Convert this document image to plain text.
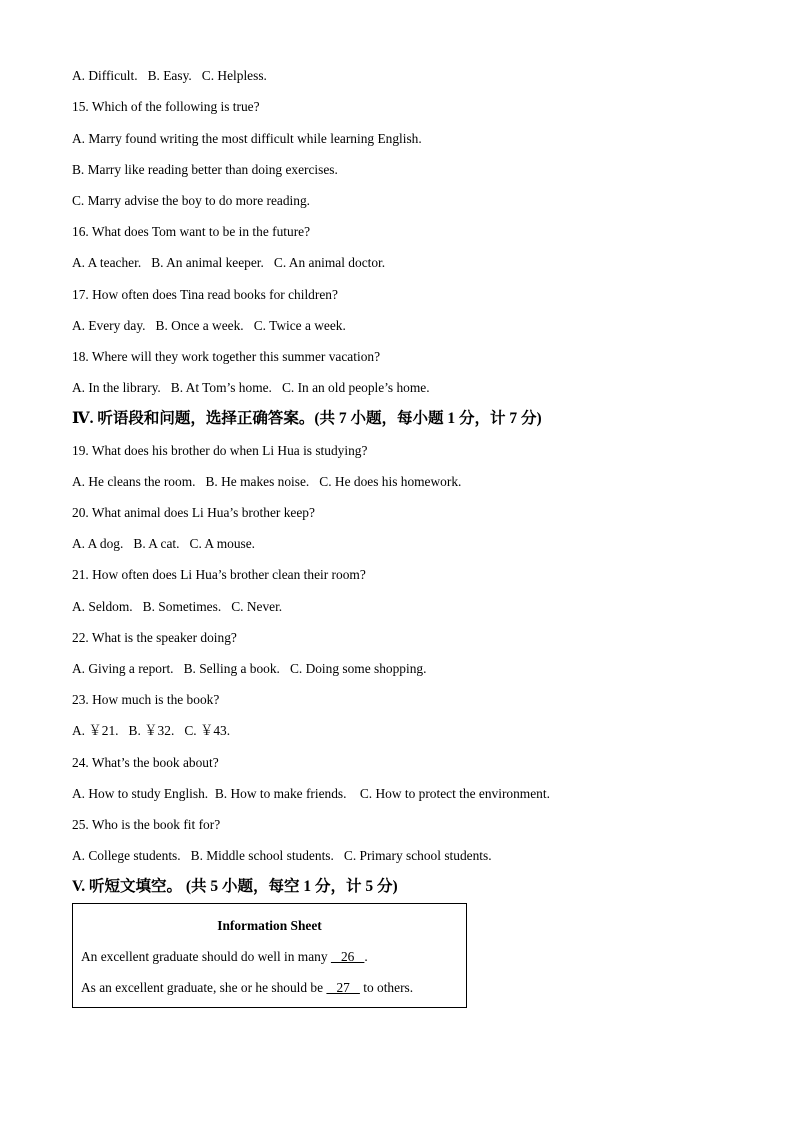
A. Difficult.   B. Easy.   C. Helpless.
15. Which of the following is true?
A. Marry found writing the most difficult while learning English.
B. Marry like reading better than doing exercises.
C. Marry advise the boy to do more reading.
16. What does Tom want to be in the future?
A. A teacher.   B. An animal keeper.   C. An animal doctor.
17. How often does Tina read books for children?
A. Every day.   B. Once a week.   C. Twice a week.
18. Where will they work together this summer vacation?
A. In the library.   B. At Tom’s home.   C. In an old people’s home.
Ⅳ. 听语段和问题，选择正确答案。(共 7 小题，每小题 1 分，计 7 分)
19. What does his brother do when Li Hua is studying?
A. He cleans the room.   B. He makes noise.   C. He does his homework.
20. What animal does Li Hua’s brother keep?
A. A dog.   B. A cat.   C. A mouse.
21. How often does Li Hua’s brother clean their room?
A. Seldom.   B. Sometimes.   C. Never.
22. What is the speaker doing?
A. Giving a report.   B. Selling a book.   C. Doing some shopping.
23. How much is the book?
A. ￥21.   B. ￥32.   C. ￥43.
24. What’s the book about?
A. How to study English.  B. How to make friends.    C. How to protect the environment.
25. Who is the book fit for?
A. College students.   B. Middle school students.   C. Primary school students.
V. 听短文填空。 (共 5 小题，每空 1 分，计 5 分)
Information Sheet
An excellent graduate should do well in many    26   .
As an excellent graduate, she or he should be    27    to others.
